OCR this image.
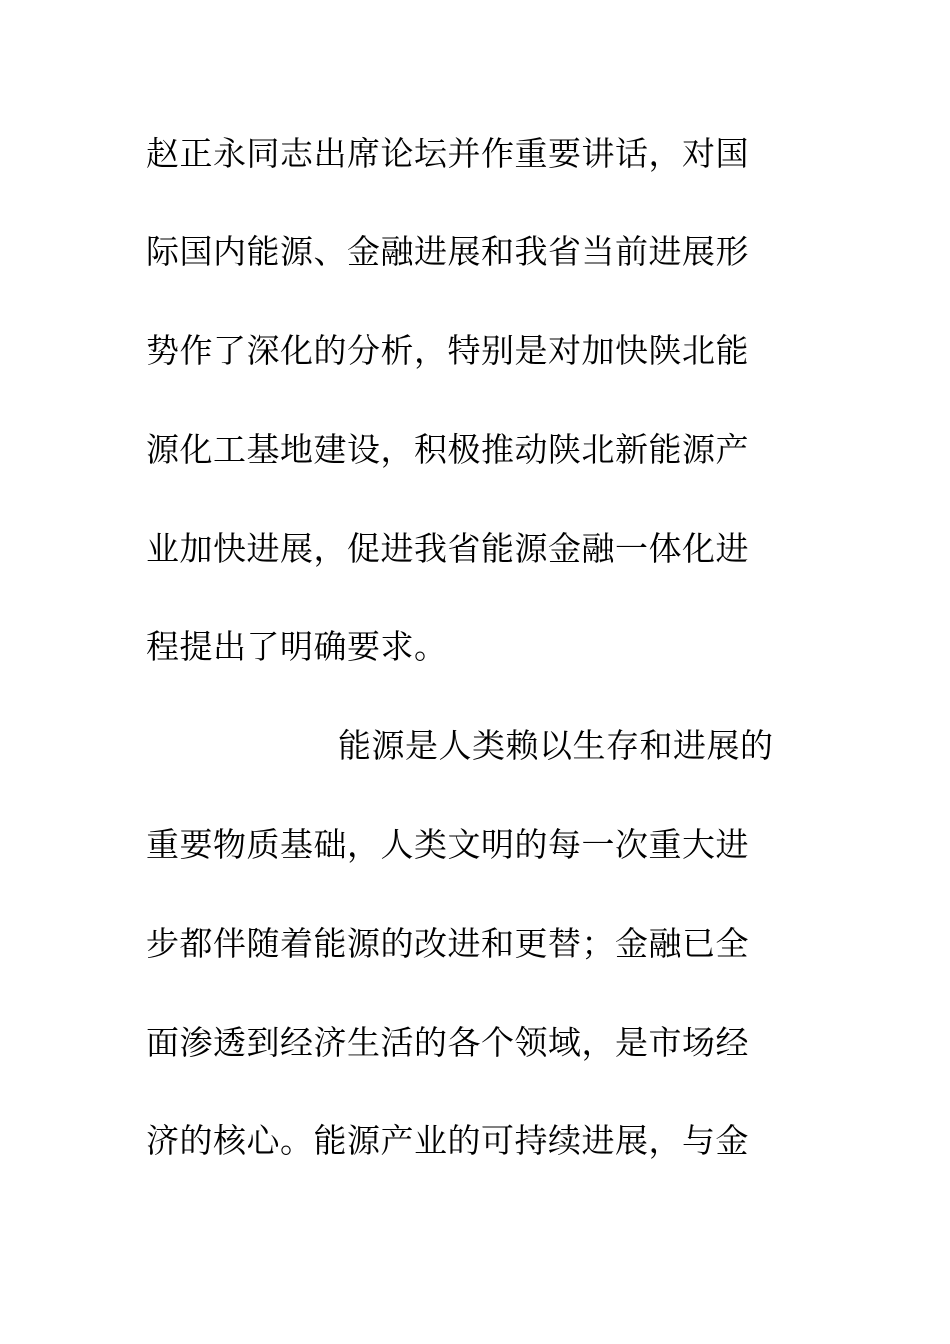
赵正永同志出席论坛并作重要讲话，对国

际国内能源、金融进展和我省当前进展形

势作了深化的分析，特别是对加快陕北能

源化工基地建设，积极推动陕北新能源产

业加快进展，促进我省能源金融一体化进

程提出了明确要求。

能源是人类赖以生存和进展的

重要物质基础，人类文明的每一次重大进

步都伴随着能源的改进和更替；金融已全

面渗透到经济生活的各个领域，是市场经

济的核心。能源产业的可持续进展，与金
